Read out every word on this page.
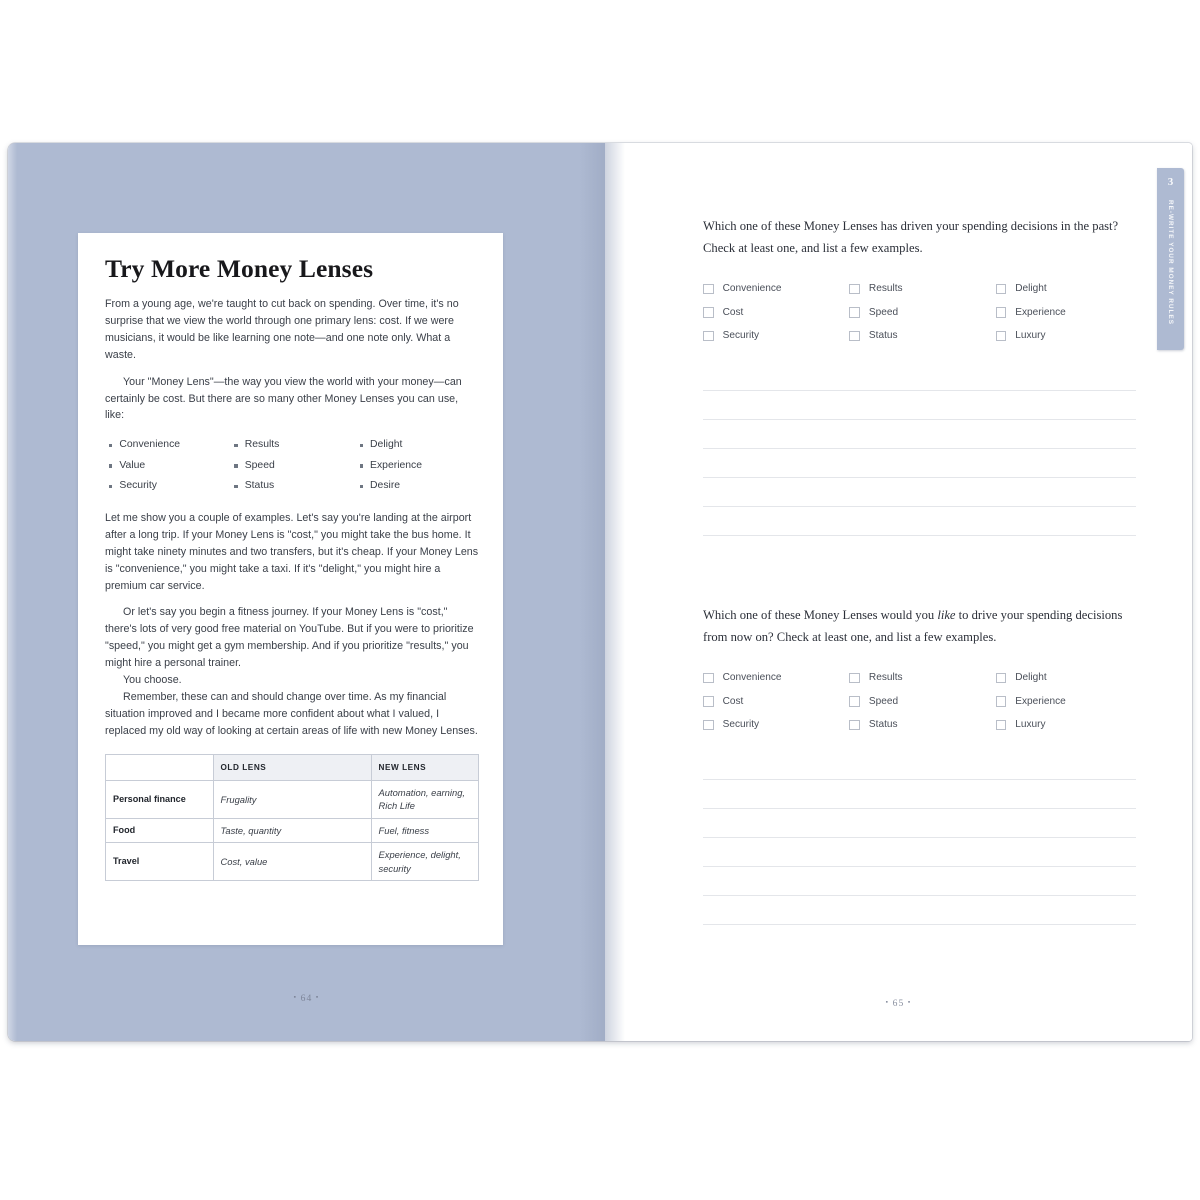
Try More Money Lenses

From a young age, we're taught to cut back on spending. Over time, it's no surprise that we view the world through one primary lens: cost. If we were musicians, it would be like learning one note—and one note only. What a waste.

Your "Money Lens"—the way you view the world with your money—can certainly be cost. But there are so many other Money Lenses you can use, like:

Convenience	Results	Delight
Value	Speed	Experience
Security	Status	Desire

Let me show you a couple of examples. Let's say you're landing at the airport after a long trip. If your Money Lens is "cost," you might take the bus home. It might take ninety minutes and two transfers, but it's cheap. If your Money Lens is "convenience," you might take a taxi. If it's "delight," you might hire a premium car service.

Or let's say you begin a fitness journey. If your Money Lens is "cost," there's lots of very good free material on YouTube. But if you were to prioritize "speed," you might get a gym membership. And if you prioritize "results," you might hire a personal trainer.

You choose.

Remember, these can and should change over time. As my financial situation improved and I became more confident about what I valued, I replaced my old way of looking at certain areas of life with new Money Lenses.

	OLD LENS	NEW LENS
Personal finance	Frugality	Automation, earning, Rich Life
Food	Taste, quantity	Fuel, fitness
Travel	Cost, value	Experience, delight, security
▪ 64 ▪

Which one of these Money Lenses has driven your spending decisions in the past? Check at least one, and list a few examples.

Convenience	Results	Delight
Cost	Speed	Experience
Security	Status	Luxury

Which one of these Money Lenses would you like to drive your spending decisions from now on? Check at least one, and list a few examples.

Convenience	Results	Delight
Cost	Speed	Experience
Security	Status	Luxury
▪ 65 ▪
3
RE-WRITE YOUR MONEY RULES
